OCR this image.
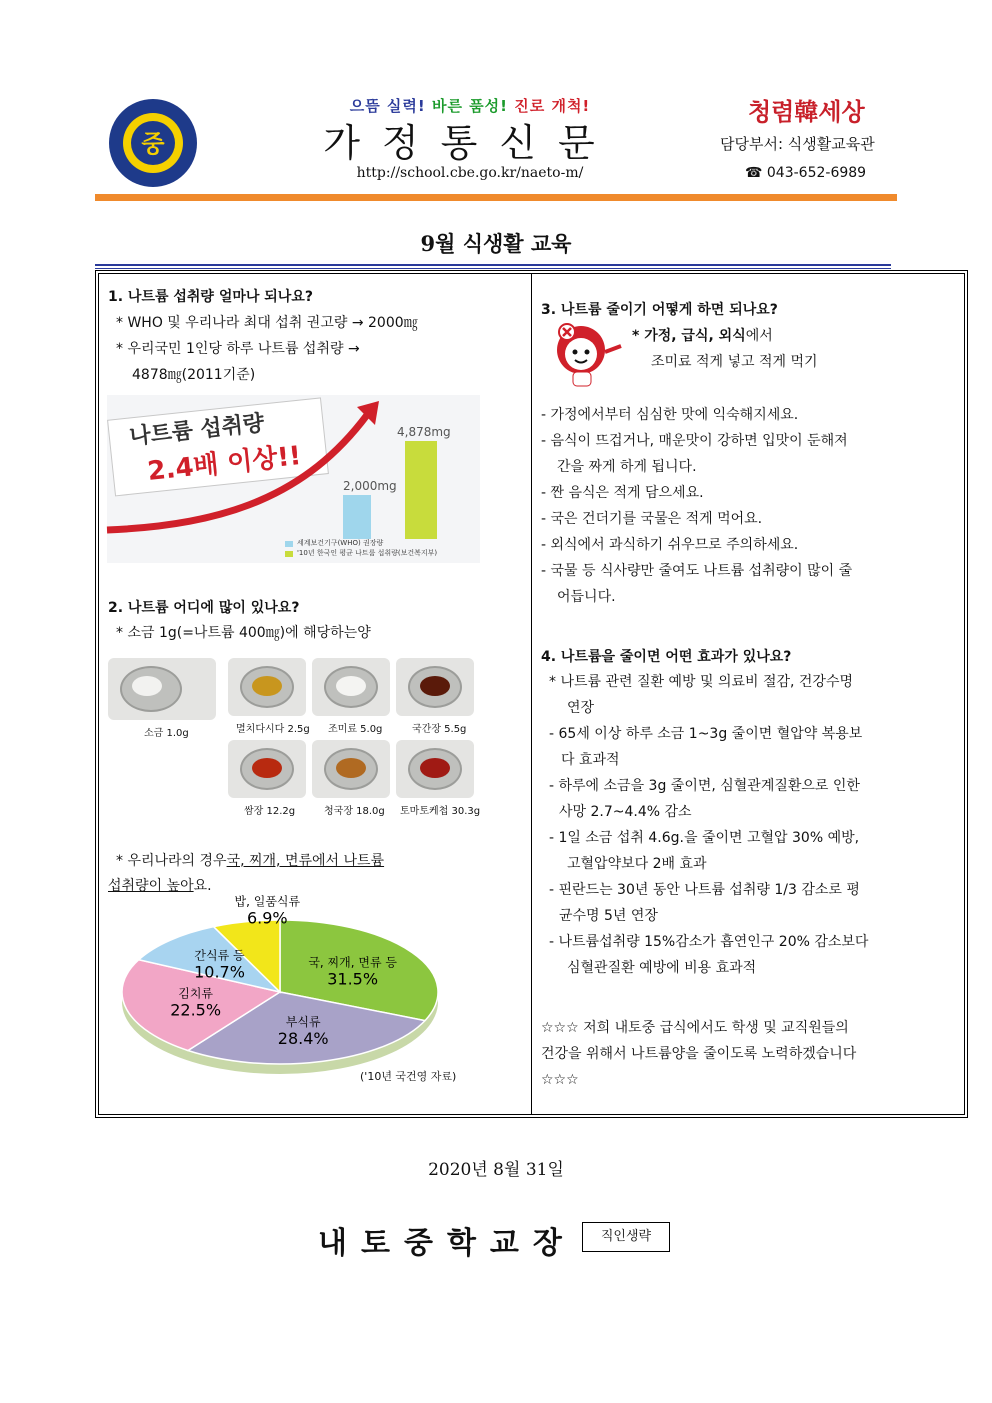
중
으뜸 실력! 바른 품성! 진로 개척!
가정통신문
http://school.cbe.go.kr/naeto-m/
청렴韓세상
담당부서: 식생활교육관
☎ 043-652-6989
9월 식생활 교육
1. 나트륨 섭취량 얼마나 되나요?
* WHO 및 우리나라 최대 섭취 권고량 → 2000㎎
* 우리국민 1인당 하루 나트륨 섭취량 →
4878㎎(2011기준)
나트륨 섭취량
2.4배 이상!!	2,000mg
4,878mg
세계보건기구(WHO) 권장량
'10년 한국인 평균 나트륨 섭취량(보건복지부)
2. 나트륨 어디에 많이 있나요?
* 소금 1g(=나트륨 400㎎)에 해당하는양
소금 1.0g	멸치다시다 2.5g 조미료 5.0g	국간장 5.5g
쌈장 12.2g	청국장 18.0g 토마토케첩 30.3g
* 우리나라의 경우국, 찌개, 면류에서 나트륨
섭취량이 높아요.
국, 찌개, 면류 등
31.5%
부식류
28.4%
김치류
22.5%
간식류 등
10.7%
밥, 일품식류
6.9%
('10년 국건영 자료)
3. 나트륨 줄이기 어떻게 하면 되나요?
* 가정, 급식, 외식에서
조미료 적게 넣고 적게 먹기
- 가정에서부터 심심한 맛에 익숙해지세요.
- 음식이 뜨겁거나, 매운맛이 강하면 입맛이 둔해져
간을 짜게 하게 됩니다.
- 짠 음식은 적게 담으세요.
- 국은 건더기를 국물은 적게 먹어요.
- 외식에서 과식하기 쉬우므로 주의하세요.
- 국물 등 식사량만 줄여도 나트륨 섭취량이 많이 줄
어듭니다.
4. 나트륨을 줄이면 어떤 효과가 있나요?
* 나트륨 관련 질환 예방 및 의료비 절감, 건강수명
연장
- 65세 이상 하루 소금 1~3g 줄이면 혈압약 복용보
다 효과적
- 하루에 소금을 3g 줄이면, 심혈관계질환으로 인한
사망 2.7~4.4% 감소
- 1일 소금 섭취 4.6g.을 줄이면 고혈압 30% 예방,
고혈압약보다 2배 효과
- 핀란드는 30년 동안 나트륨 섭취량 1/3 감소로 평
균수명 5년 연장
- 나트륨섭취량 15%감소가 흡연인구 20% 감소보다
심혈관질환 예방에 비용 효과적
☆☆☆ 저희 내토중 급식에서도 학생 및 교직원들의
건강을 위해서 나트륨양을 줄이도록 노력하겠습니다
☆☆☆
2020년 8월 31일
내토중학교장	직인생략
